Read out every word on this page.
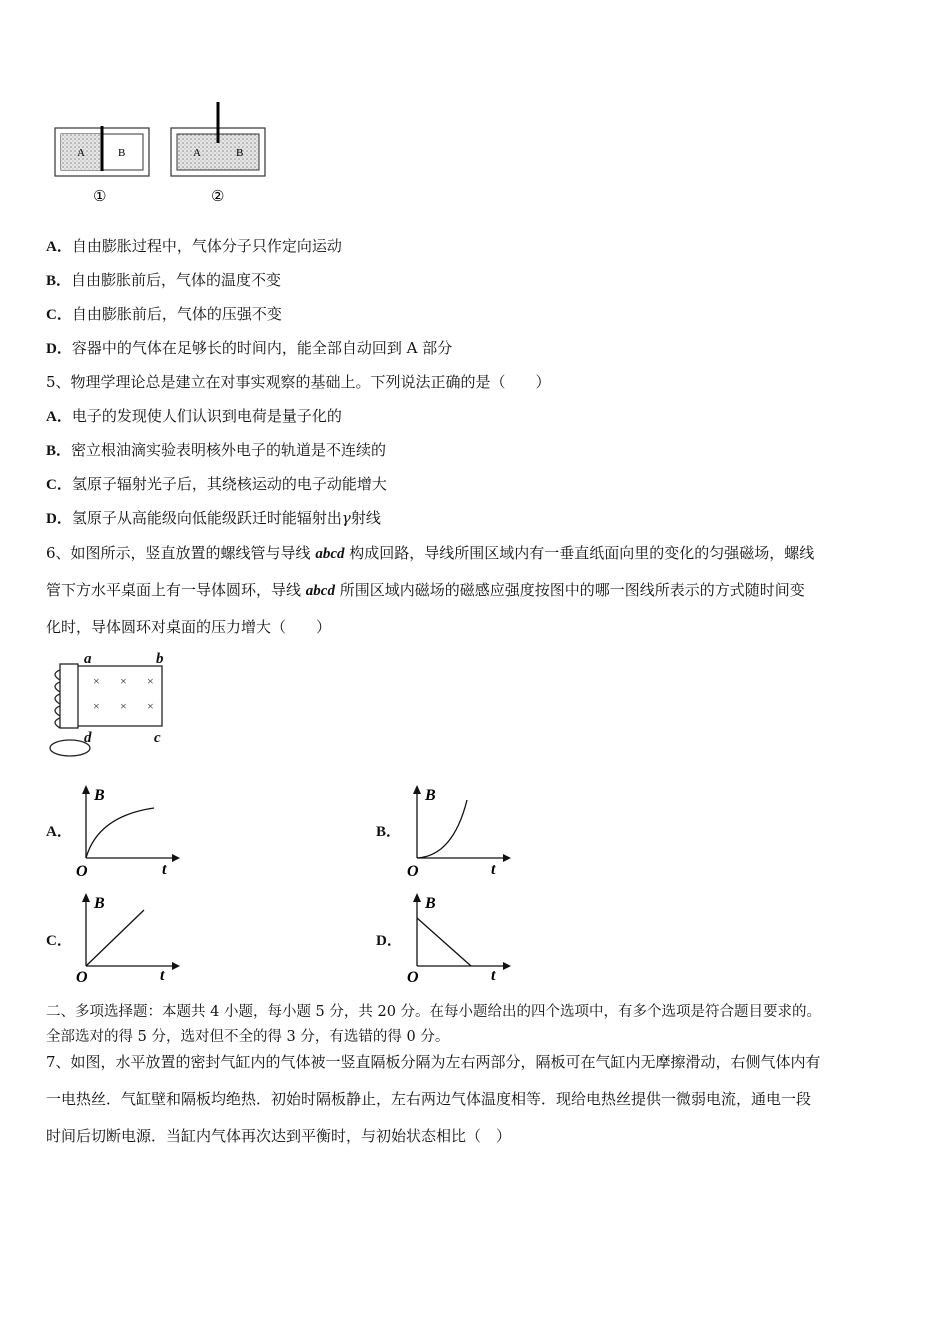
A	B	A	B
①	②
A．自由膨胀过程中，气体分子只作定向运动
B．自由膨胀前后，气体的温度不变
C．自由膨胀前后，气体的压强不变
D．容器中的气体在足够长的时间内，能全部自动回到 A 部分
5、物理学理论总是建立在对事实观察的基础上。下列说法正确的是（　　）
A．电子的发现使人们认识到电荷是量子化的
B．密立根油滴实验表明核外电子的轨道是不连续的
C．氢原子辐射光子后，其绕核运动的电子动能增大
D．氢原子从高能级向低能级跃迁时能辐射出γ射线
6、如图所示，竖直放置的螺线管与导线 abcd 构成回路，导线所围区域内有一垂直纸面向里的变化的匀强磁场，螺线
管下方水平桌面上有一导体圆环，导线 abcd 所围区域内磁场的磁感应强度按图中的哪一图线所表示的方式随时间变
化时，导体圆环对桌面的压力增大（　　）
× × ×
× × ×
a	b
c
d
A．
B
t
O
B．
B
t
O
C．
B
t
O
D．
B
t
O
二、多项选择题：本题共 4 小题，每小题 5 分，共 20 分。在每小题给出的四个选项中，有多个选项是符合题目要求的。
全部选对的得 5 分，选对但不全的得 3 分，有选错的得 0 分。
7、如图，水平放置的密封气缸内的气体被一竖直隔板分隔为左右两部分，隔板可在气缸内无摩擦滑动，右侧气体内有
一电热丝．气缸壁和隔板均绝热．初始时隔板静止，左右两边气体温度相等．现给电热丝提供一微弱电流，通电一段
时间后切断电源．当缸内气体再次达到平衡时，与初始状态相比（　）
